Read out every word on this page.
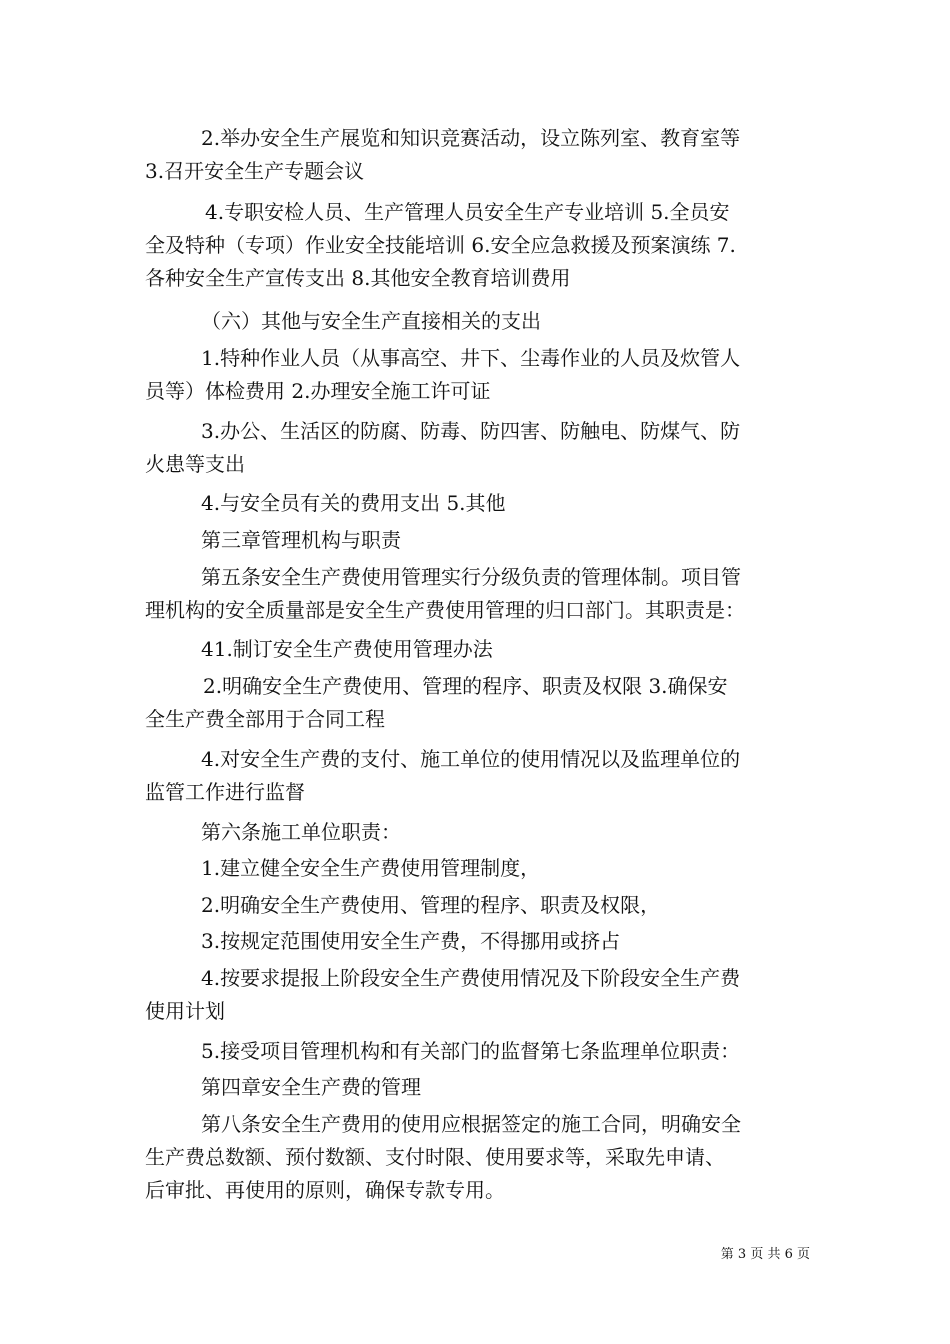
2.举办安全生产展览和知识竞赛活动，设立陈列室、教育室等
3.召开安全生产专题会议
4.专职安检人员、生产管理人员安全生产专业培训 5.全员安
全及特种（专项）作业安全技能培训 6.安全应急救援及预案演练 7.
各种安全生产宣传支出 8.其他安全教育培训费用
（六）其他与安全生产直接相关的支出
1.特种作业人员（从事高空、井下、尘毒作业的人员及炊管人
员等）体检费用 2.办理安全施工许可证
3.办公、生活区的防腐、防毒、防四害、防触电、防煤气、防
火患等支出
4.与安全员有关的费用支出 5.其他
第三章管理机构与职责
第五条安全生产费使用管理实行分级负责的管理体制。项目管
理机构的安全质量部是安全生产费使用管理的归口部门。其职责是：
41.制订安全生产费使用管理办法
2.明确安全生产费使用、管理的程序、职责及权限 3.确保安
全生产费全部用于合同工程
4.对安全生产费的支付、施工单位的使用情况以及监理单位的
监管工作进行监督
第六条施工单位职责：
1.建立健全安全生产费使用管理制度，
2.明确安全生产费使用、管理的程序、职责及权限，
3.按规定范围使用安全生产费，不得挪用或挤占
4.按要求提报上阶段安全生产费使用情况及下阶段安全生产费
使用计划
5.接受项目管理机构和有关部门的监督第七条监理单位职责：
第四章安全生产费的管理
第八条安全生产费用的使用应根据签定的施工合同，明确安全
生产费总数额、预付数额、支付时限、使用要求等，采取先申请、
后审批、再使用的原则，确保专款专用。
第 3 页 共 6 页
